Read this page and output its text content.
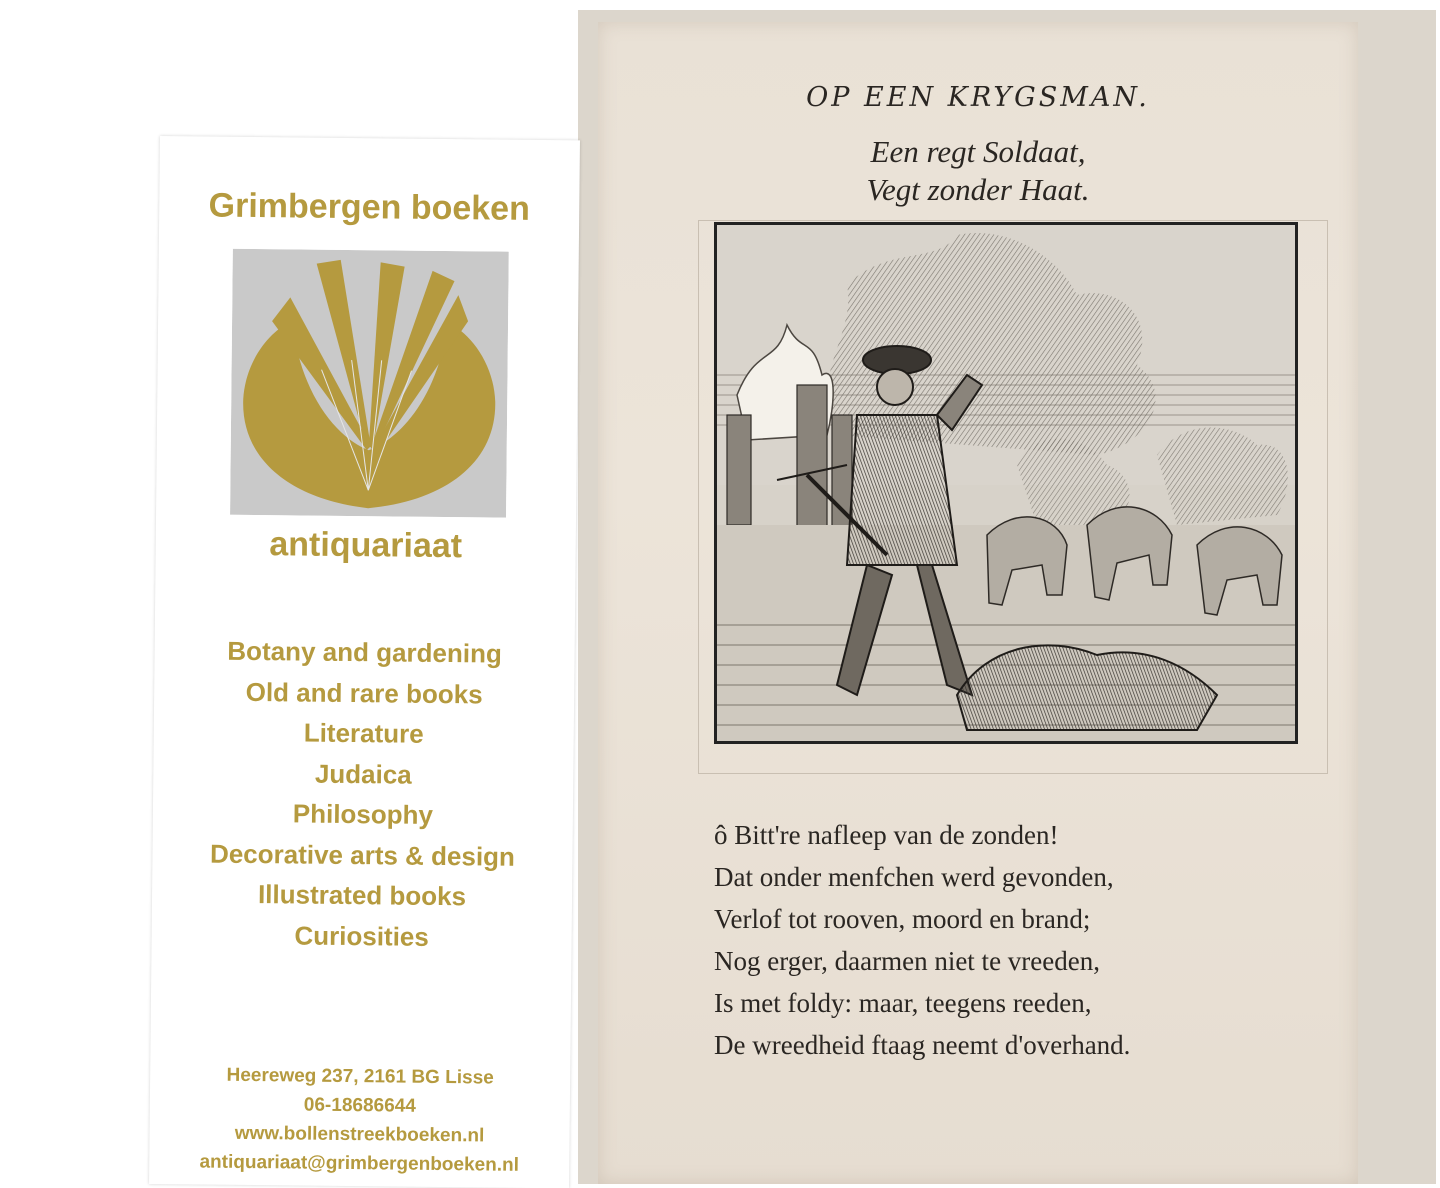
OP EEN KRYGSMAN.
Een regt Soldaat,
Vegt zonder Haat.
ô Bitt're nafleep van de zonden!
Dat onder menfchen werd gevonden,
Verlof tot rooven, moord en brand;
Nog erger, daarmen niet te vreeden,
Is met foldy: maar, teegens reeden,
De wreedheid ftaag neemt d'overhand.
Grimbergen boeken
antiquariaat
Botany and gardening
Old and rare books
Literature
Judaica
Philosophy
Decorative arts & design
Illustrated books
Curiosities
Heereweg 237, 2161 BG Lisse
06-18686644
www.bollenstreekboeken.nl
antiquariaat@grimbergenboeken.nl
